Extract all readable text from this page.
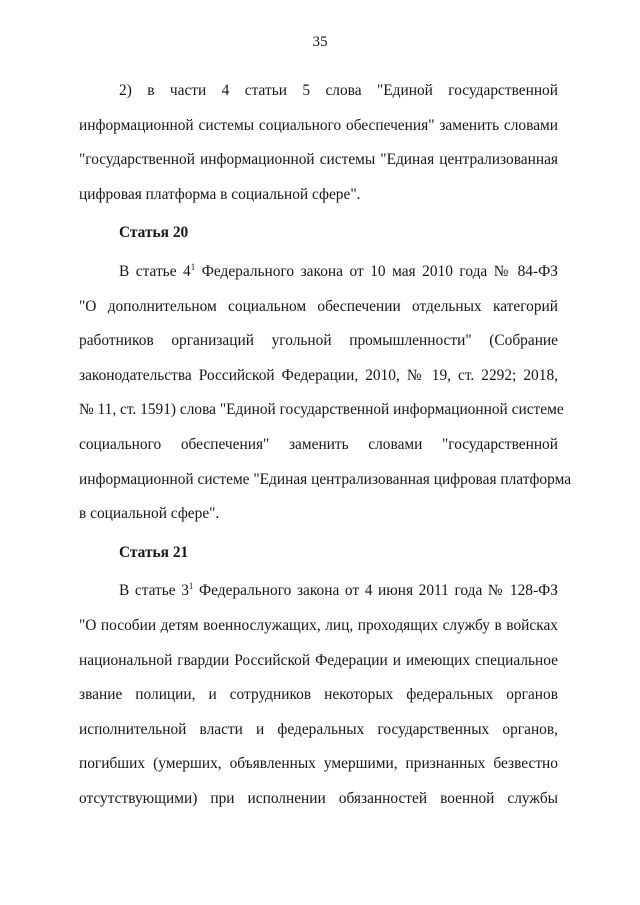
35

2) в части 4 статьи 5 слова "Единой государственной
информационной системы социального обеспечения" заменить словами
"государственной информационной системы "Единая централизованная
цифровая платформа в социальной сфере".

Статья 20

В статье $4^1$ Федерального закона от 10 мая 2010 года № 84-ФЗ
"О дополнительном социальном обеспечении отдельных категорий
работников организаций угольной промышленности" (Собрание
законодательства Российской Федерации, 2010, № 19, ст. 2292; 2018,
№ 11, ст. 1591) слова "Единой государственной информационной системе
социального обеспечения" заменить словами "государственной
информационной системе "Единая централизованная цифровая платформа
в социальной сфере".

Статья 21

В статье $3^1$ Федерального закона от 4 июня 2011 года № 128-ФЗ
"О пособии детям военнослужащих, лиц, проходящих службу в войсках
национальной гвардии Российской Федерации и имеющих специальное
звание полиции, и сотрудников некоторых федеральных органов
исполнительной власти и федеральных государственных органов,
погибших (умерших, объявленных умершими, признанных безвестно
отсутствующими) при исполнении обязанностей военной службы
